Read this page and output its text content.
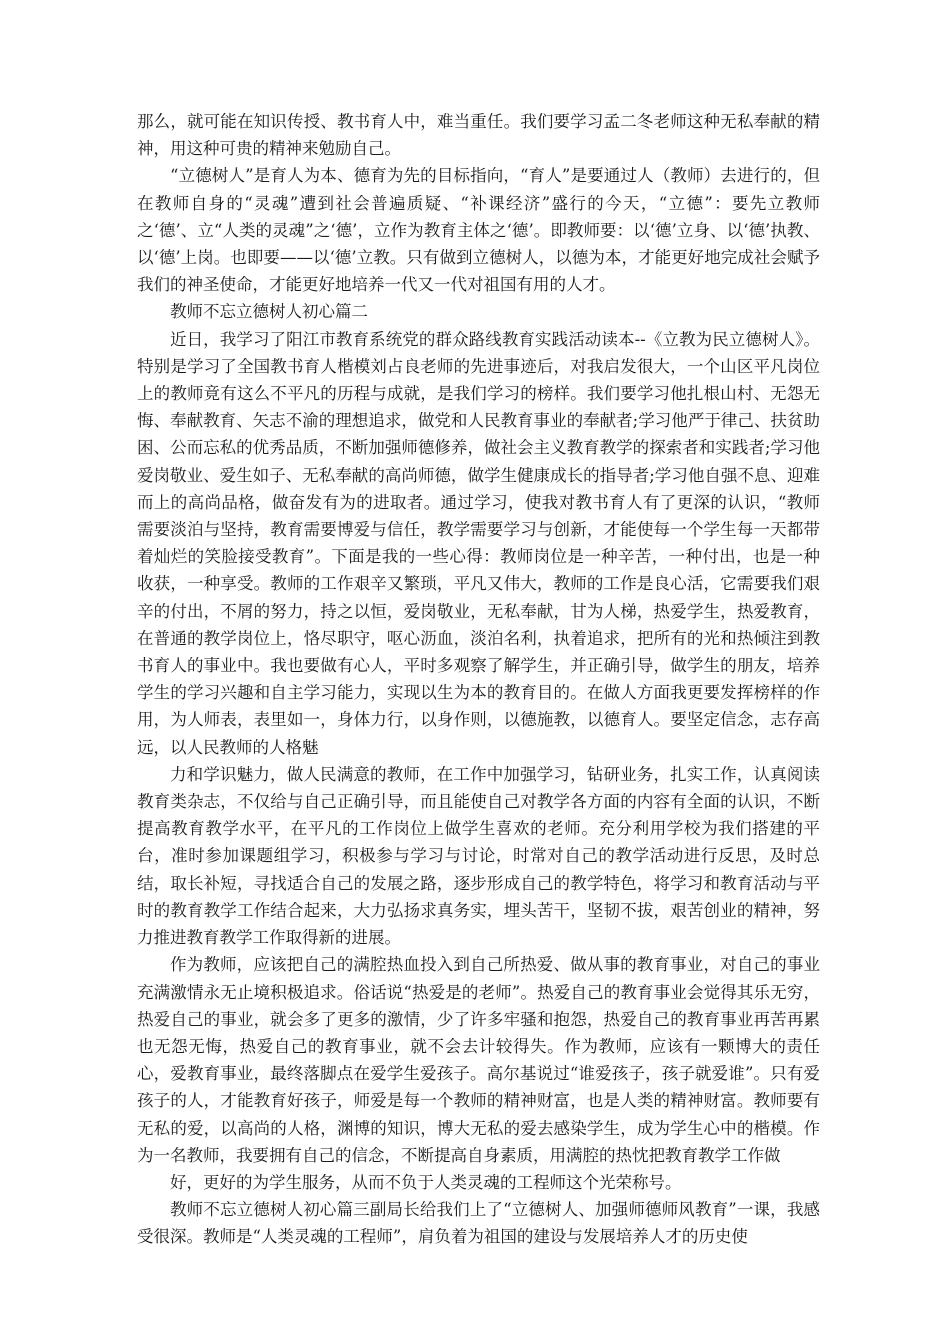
那么，就可能在知识传授、教书育人中，难当重任。我们要学习孟二冬老师这种无私奉献的精神，用这种可贵的精神来勉励自己。

“立德树人”是育人为本、德育为先的目标指向，“育人”是要通过人（教师）去进行的，但在教师自身的“灵魂”遭到社会普遍质疑、“补课经济”盛行的今天，“立德”：要先立教师之‘德’、立“人类的灵魂”之‘德’，立作为教育主体之‘德’。即教师要：以‘德’立身、以‘德’执教、以‘德’上岗。也即要——以‘德’立教。只有做到立德树人，以德为本，才能更好地完成社会赋予我们的神圣使命，才能更好地培养一代又一代对祖国有用的人才。

教师不忘立德树人初心篇二

近日，我学习了阳江市教育系统党的群众路线教育实践活动读本--《立教为民立德树人》。特别是学习了全国教书育人楷模刘占良老师的先进事迹后，对我启发很大，一个山区平凡岗位上的教师竟有这么不平凡的历程与成就，是我们学习的榜样。我们要学习他扎根山村、无怨无悔、奉献教育、矢志不渝的理想追求，做党和人民教育事业的奉献者;学习他严于律己、扶贫助困、公而忘私的优秀品质，不断加强师德修养，做社会主义教育教学的探索者和实践者;学习他爱岗敬业、爱生如子、无私奉献的高尚师德，做学生健康成长的指导者;学习他自强不息、迎难而上的高尚品格，做奋发有为的进取者。通过学习，使我对教书育人有了更深的认识，“教师需要淡泊与坚持，教育需要博爱与信任，教学需要学习与创新，才能使每一个学生每一天都带着灿烂的笑脸接受教育”。下面是我的一些心得：教师岗位是一种辛苦，一种付出，也是一种收获，一种享受。教师的工作艰辛又繁琐，平凡又伟大，教师的工作是良心活，它需要我们艰辛的付出，不屑的努力，持之以恒，爱岗敬业，无私奉献，甘为人梯，热爱学生，热爱教育，在普通的教学岗位上，恪尽职守，呕心沥血，淡泊名利，执着追求，把所有的光和热倾注到教书育人的事业中。我也要做有心人，平时多观察了解学生，并正确引导，做学生的朋友，培养学生的学习兴趣和自主学习能力，实现以生为本的教育目的。在做人方面我更要发挥榜样的作用，为人师表，表里如一，身体力行，以身作则，以德施教，以德育人。要坚定信念，志存高远，以人民教师的人格魅

力和学识魅力，做人民满意的教师，在工作中加强学习，钻研业务，扎实工作，认真阅读教育类杂志，不仅给与自己正确引导，而且能使自己对教学各方面的内容有全面的认识，不断提高教育教学水平，在平凡的工作岗位上做学生喜欢的老师。充分利用学校为我们搭建的平台，准时参加课题组学习，积极参与学习与讨论，时常对自己的教学活动进行反思，及时总结，取长补短，寻找适合自己的发展之路，逐步形成自己的教学特色，将学习和教育活动与平时的教育教学工作结合起来，大力弘扬求真务实，埋头苦干，坚韧不拔，艰苦创业的精神，努力推进教育教学工作取得新的进展。

作为教师，应该把自己的满腔热血投入到自己所热爱、做从事的教育事业，对自己的事业充满激情永无止境积极追求。俗话说“热爱是的老师”。热爱自己的教育事业会觉得其乐无穷，热爱自己的事业，就会多了更多的激情，少了许多牢骚和抱怨，热爱自己的教育事业再苦再累也无怨无悔，热爱自己的教育事业，就不会去计较得失。作为教师，应该有一颗博大的责任心，爱教育事业，最终落脚点在爱学生爱孩子。高尔基说过“谁爱孩子，孩子就爱谁”。只有爱孩子的人，才能教育好孩子，师爱是每一个教师的精神财富，也是人类的精神财富。教师要有无私的爱，以高尚的人格，渊博的知识，博大无私的爱去感染学生，成为学生心中的楷模。作为一名教师，我要拥有自己的信念，不断提高自身素质，用满腔的热忱把教育教学工作做

好，更好的为学生服务，从而不负于人类灵魂的工程师这个光荣称号。

教师不忘立德树人初心篇三副局长给我们上了“立德树人、加强师德师风教育”一课，我感受很深。教师是“人类灵魂的工程师”，肩负着为祖国的建设与发展培养人才的历史使
